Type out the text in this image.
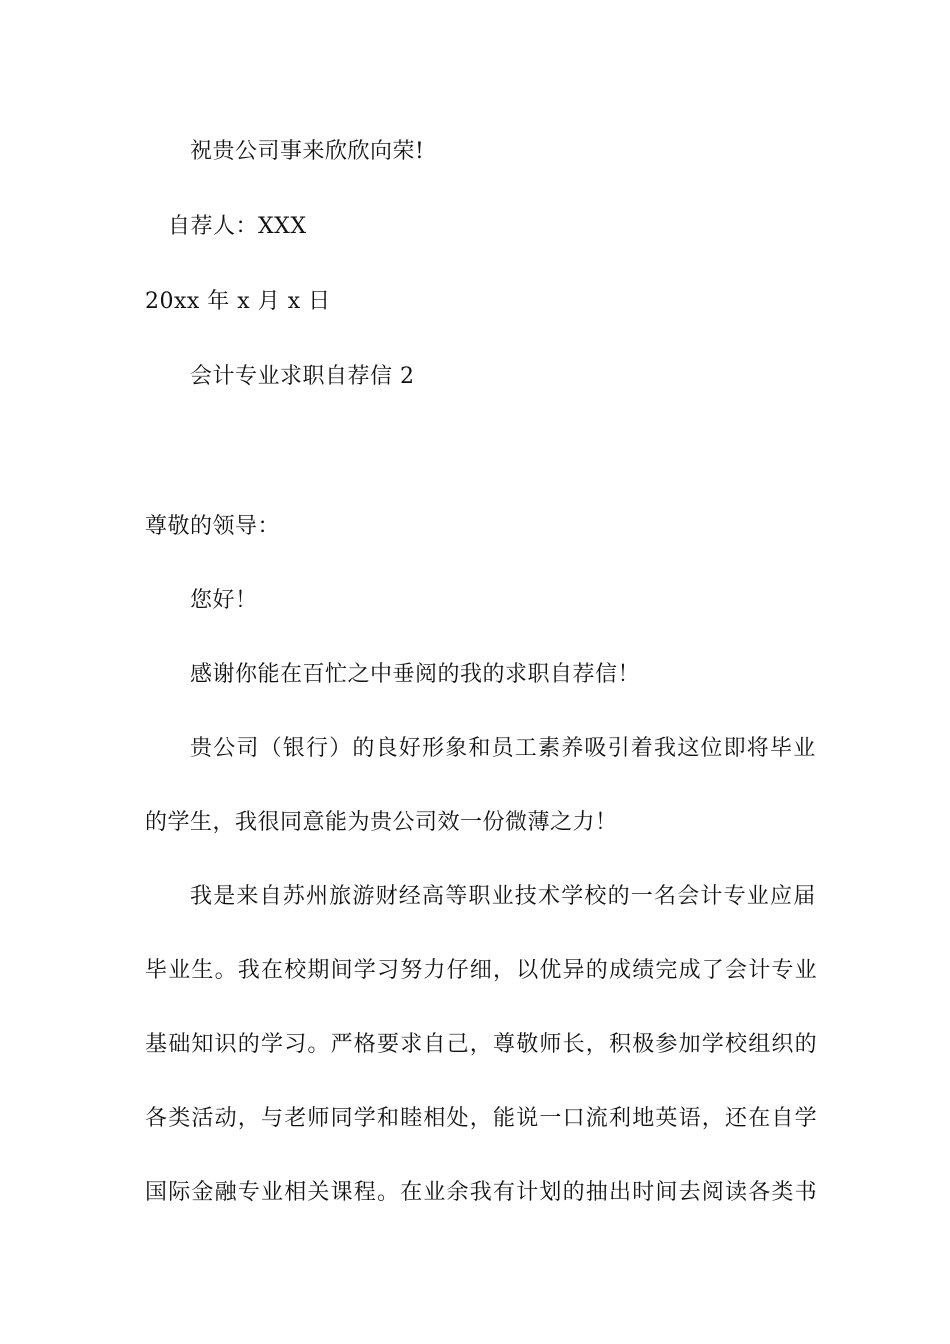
祝贵公司事来欣欣向荣!
自荐人：XXX
20xx 年 x 月 x 日
会计专业求职自荐信 2
尊敬的领导：
您好！
感谢你能在百忙之中垂阅的我的求职自荐信！
贵公司（银行）的良好形象和员工素养吸引着我这位即将毕业
的学生，我很同意能为贵公司效一份微薄之力！
我是来自苏州旅游财经高等职业技术学校的一名会计专业应届
毕业生。我在校期间学习努力仔细，以优异的成绩完成了会计专业
基础知识的学习。严格要求自己，尊敬师长，积极参加学校组织的
各类活动，与老师同学和睦相处，能说一口流利地英语，还在自学
国际金融专业相关课程。在业余我有计划的抽出时间去阅读各类书
